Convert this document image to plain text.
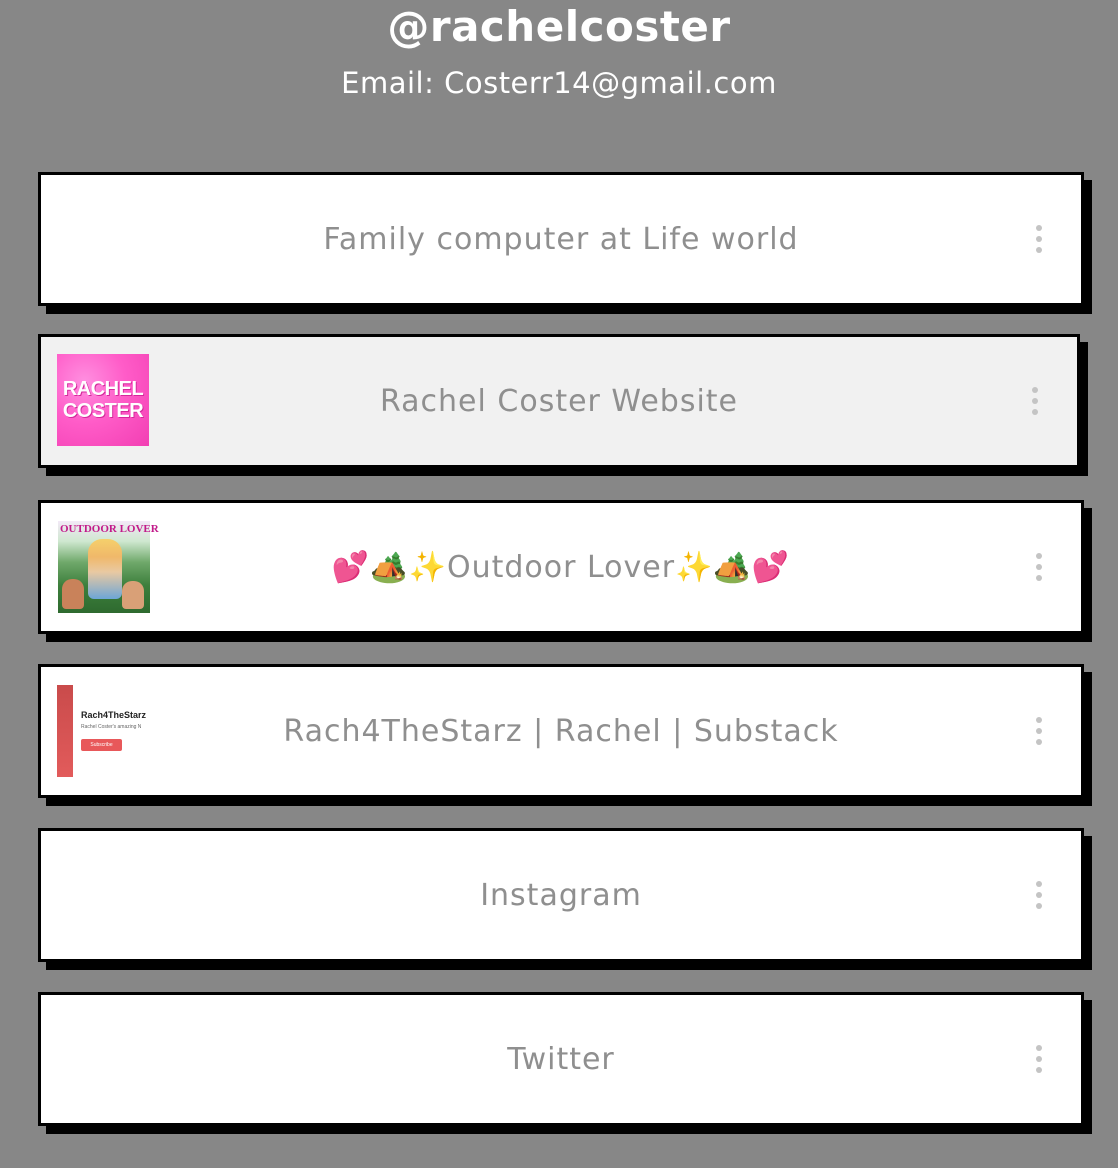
@rachelcoster
Email: Costerr14@gmail.com
Family computer at Life world
RACHEL
COSTER	Rachel Coster Website
OUTDOOR LOVER
💕🏕️✨Outdoor Lover✨🏕️💕
Rach4TheStarz
Rachel Coster's amazing N
Subscribe	Rach4TheStarz | Rachel | Substack
Instagram
Twitter
